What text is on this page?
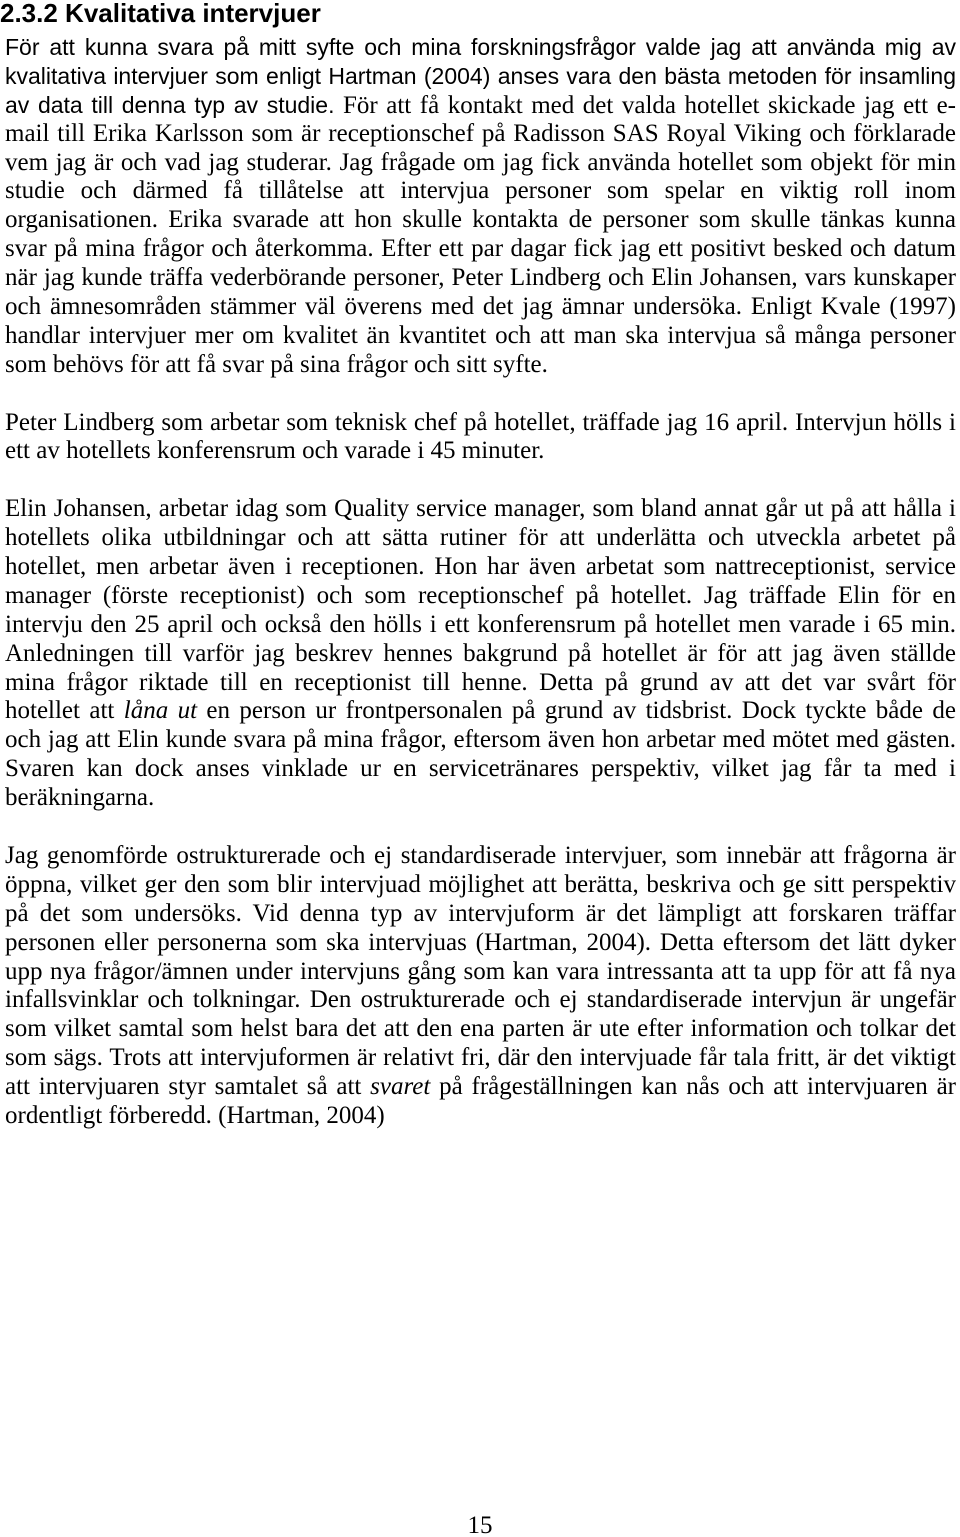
2.3.2 Kvalitativa intervjuer
För att kunna svara på mitt syfte och mina forskningsfrågor valde jag att använda mig av
kvalitativa intervjuer som enligt Hartman (2004) anses vara den bästa metoden för insamling
av data till denna typ av studie. För att få kontakt med det valda hotellet skickade jag ett e-
mail till Erika Karlsson som är receptionschef på Radisson SAS Royal Viking och förklarade
vem jag är och vad jag studerar. Jag frågade om jag fick använda hotellet som objekt för min
studie och därmed få tillåtelse att intervjua personer som spelar en viktig roll inom
organisationen. Erika svarade att hon skulle kontakta de personer som skulle tänkas kunna
svar på mina frågor och återkomma. Efter ett par dagar fick jag ett positivt besked och datum
när jag kunde träffa vederbörande personer, Peter Lindberg och Elin Johansen, vars kunskaper
och ämnesområden stämmer väl överens med det jag ämnar undersöka. Enligt Kvale (1997)
handlar intervjuer mer om kvalitet än kvantitet och att man ska intervjua så många personer
som behövs för att få svar på sina frågor och sitt syfte.
Peter Lindberg som arbetar som teknisk chef på hotellet, träffade jag 16 april. Intervjun hölls i
ett av hotellets konferensrum och varade i 45 minuter.
Elin Johansen, arbetar idag som Quality service manager, som bland annat går ut på att hålla i
hotellets olika utbildningar och att sätta rutiner för att underlätta och utveckla arbetet på
hotellet, men arbetar även i receptionen. Hon har även arbetat som nattreceptionist, service
manager (förste receptionist) och som receptionschef på hotellet. Jag träffade Elin för en
intervju den 25 april och också den hölls i ett konferensrum på hotellet men varade i 65 min.
Anledningen till varför jag beskrev hennes bakgrund på hotellet är för att jag även ställde
mina frågor riktade till en receptionist till henne. Detta på grund av att det var svårt för
hotellet att låna ut en person ur frontpersonalen på grund av tidsbrist. Dock tyckte både de
och jag att Elin kunde svara på mina frågor, eftersom även hon arbetar med mötet med gästen.
Svaren kan dock anses vinklade ur en servicetränares perspektiv, vilket jag får ta med i
beräkningarna.
Jag genomförde ostrukturerade och ej standardiserade intervjuer, som innebär att frågorna är
öppna, vilket ger den som blir intervjuad möjlighet att berätta, beskriva och ge sitt perspektiv
på det som undersöks. Vid denna typ av intervjuform är det lämpligt att forskaren träffar
personen eller personerna som ska intervjuas (Hartman, 2004). Detta eftersom det lätt dyker
upp nya frågor/ämnen under intervjuns gång som kan vara intressanta att ta upp för att få nya
infallsvinklar och tolkningar. Den ostrukturerade och ej standardiserade intervjun är ungefär
som vilket samtal som helst bara det att den ena parten är ute efter information och tolkar det
som sägs. Trots att intervjuformen är relativt fri, där den intervjuade får tala fritt, är det viktigt
att intervjuaren styr samtalet så att svaret på frågeställningen kan nås och att intervjuaren är
ordentligt förberedd. (Hartman, 2004)
15
